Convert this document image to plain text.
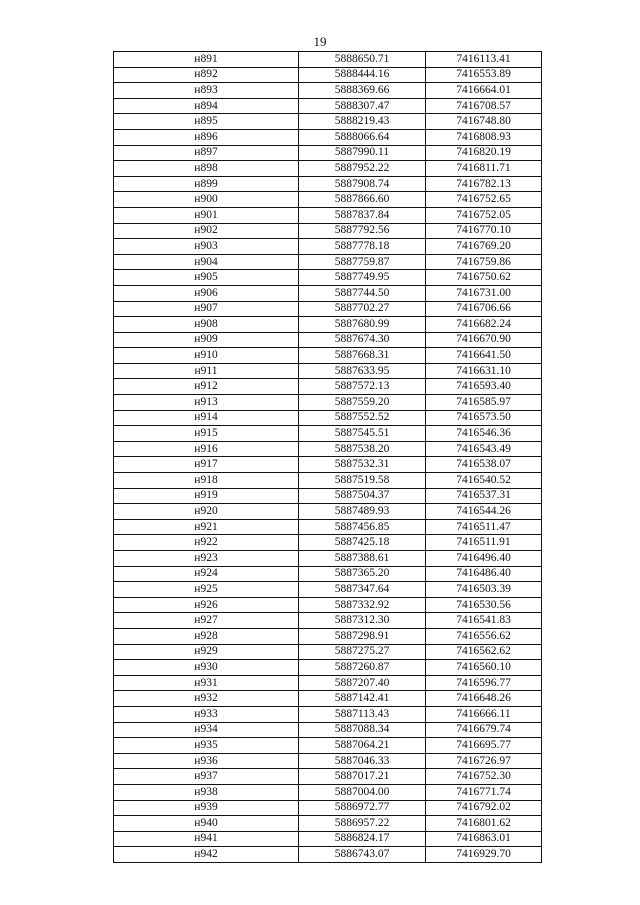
19
н891	5888650.71	7416113.41
н892	5888444.16	7416553.89
н893	5888369.66	7416664.01
н894	5888307.47	7416708.57
н895	5888219.43	7416748.80
н896	5888066.64	7416808.93
н897	5887990.11	7416820.19
н898	5887952.22	7416811.71
н899	5887908.74	7416782.13
н900	5887866.60	7416752.65
н901	5887837.84	7416752.05
н902	5887792.56	7416770.10
н903	5887778.18	7416769.20
н904	5887759.87	7416759.86
н905	5887749.95	7416750.62
н906	5887744.50	7416731.00
н907	5887702.27	7416706.66
н908	5887680.99	7416682.24
н909	5887674.30	7416670.90
н910	5887668.31	7416641.50
н911	5887633.95	7416631.10
н912	5887572.13	7416593.40
н913	5887559.20	7416585.97
н914	5887552.52	7416573.50
н915	5887545.51	7416546.36
н916	5887538.20	7416543.49
н917	5887532.31	7416538.07
н918	5887519.58	7416540.52
н919	5887504.37	7416537.31
н920	5887489.93	7416544.26
н921	5887456.85	7416511.47
н922	5887425.18	7416511.91
н923	5887388.61	7416496.40
н924	5887365.20	7416486.40
н925	5887347.64	7416503.39
н926	5887332.92	7416530.56
н927	5887312.30	7416541.83
н928	5887298.91	7416556.62
н929	5887275.27	7416562.62
н930	5887260.87	7416560.10
н931	5887207.40	7416596.77
н932	5887142.41	7416648.26
н933	5887113.43	7416666.11
н934	5887088.34	7416679.74
н935	5887064.21	7416695.77
н936	5887046.33	7416726.97
н937	5887017.21	7416752.30
н938	5887004.00	7416771.74
н939	5886972.77	7416792.02
н940	5886957.22	7416801.62
н941	5886824.17	7416863.01
н942	5886743.07	7416929.70
